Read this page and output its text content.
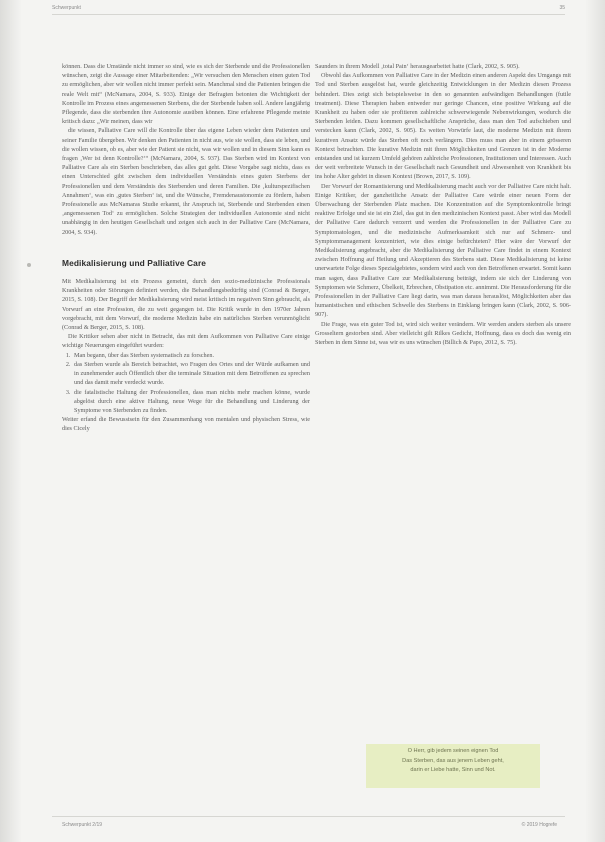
Schwerpunkt	35

können. Dass die Umstände nicht immer so sind, wie es sich der Sterbende und die Professionellen wünschen, zeigt die Aussage einer Mitarbeitenden: „Wir versuchen den Menschen einen guten Tod zu ermöglichen, aber wir wollen nicht immer perfekt sein. Manchmal sind die Patienten bringen die reale Welt mit“ (McNamara, 2004, S. 933). Einige der Befragten betonten die Wichtigkeit der Kontrolle im Prozess eines angemessenen Sterbens, die der Sterbende haben soll. Andere langjährig Pflegende, dass die sterbenden ihre Autonomie ausüben können. Eine erfahrene Pflegende meinte kritisch dazu: „Wir meinen, dass wir

die wissen, Palliative Care will die Kontrolle über das eigene Leben wieder dem Patienten und seiner Familie übergeben. Wir denken den Patienten in nicht aus, wie sie wollen, dass sie leben, und die wollen wissen, ob es, aber wie der Patient sie nicht, was wir wollen und in diesem Sinn kann es fragen ‚Wer ist denn Kontrolle?‘“ (McNamara, 2004, S. 937). Das Sterben wird im Kontext von Palliative Care als ein Sterben beschrieben, das alles gut geht. Diese Vorgabe sagt nichts, dass es einen Unterschied gibt zwischen dem individuellen Verständnis eines guten Sterbens der Professionellen und dem Verständnis des Sterbenden und deren Familien. Die ‚kulturspezifischen Annahmen‘, was ein ‚gutes Sterben‘ ist, und die Wünsche, Fremdenaustonomie zu fördern, haben Professionelle aus McNamaras Studie erkannt, ihr Anspruch ist, Sterbende und Sterbenden einen ‚angemessenen Tod‘ zu ermöglichen. Solche Strategien der individuellen Autonomie sind nicht unabhängig in den heutigen Gesellschaft und zeigen sich auch in der Palliative Care (McNamara, 2004, S. 934).

Medikalisierung und Palliative Care

Mit Medikalisierung ist ein Prozess gemeint, durch den sozio-medizinische Professionals Krankheiten oder Störungen definiert werden, die Behandlungsbedürftig sind (Conrad & Berger, 2015, S. 108). Der Begriff der Medikalisierung wird meist kritisch im negativen Sinn gebraucht, als Vorwurf an eine Profession, die zu weit gegangen ist. Die Kritik wurde in den 1970er Jahren vorgebracht, mit dem Vorwurf, die moderne Medizin habe ein natürliches Sterben verunmöglicht (Conrad & Berger, 2015, S. 108).

Die Kritiker sehen aber nicht in Betracht, das mit dem Aufkommen von Palliative Care einige wichtige Neuerungen eingeführt wurden:

1. Man begann, über das Sterben systematisch zu forschen.
2. das Sterben wurde als Bereich betrachtet, wo Fragen des Ortes und der Würde aufkamen und in zunehmender auch Öffentlich über die terminale Situation mit dem Betroffenen zu sprechen und das damit mehr verdeckt wurde.
3. die fatalistische Haltung der Professionellen, dass man nichts mehr machen könne, wurde abgelöst durch eine aktive Haltung, neue Wege für die Behandlung und Linderung der Symptome von Sterbenden zu finden.

Weiter erfand die Bewusstsein für den Zusammenhang von mentalen und physischen Stress, wie dies Cicely

Saunders in ihrem Modell ‚total Pain‘ herausgearbeitet hatte (Clark, 2002, S. 905).

Obwohl das Aufkommen von Palliative Care in der Medizin einen anderen Aspekt des Umgangs mit Tod und Sterben ausgelöst hat, wurde gleichzeitig Entwicklungen in der Medizin diesen Prozess behindert. Dies zeigt sich beispielsweise in den so genannten aufwändigen Behandlungen (futile treatment). Diese Therapien haben entweder nur geringe Chancen, eine positive Wirkung auf die Krankheit zu haben oder sie profitieren zahlreiche schwerwiegende Nebenwirkungen, wodurch die Sterbenden leiden. Dazu kommen gesellschaftliche Ansprüche, dass man den Tod aufschieben und verstecken kann (Clark, 2002, S. 905). Es weiten Vorwürfe laut, die moderne Medizin mit ihrem kurativen Ansatz würde das Sterben oft noch verlängern. Dies muss man aber in einem grösseren Kontext betrachten. Die kurative Medizin mit ihren Möglichkeiten und Grenzen ist in der Moderne entstanden und ist kurzem Umfeld gehören zahlreiche Professionen, Institutionen und Interessen. Auch der weit verbreitete Wunsch in der Gesellschaft nach Gesundheit und Abwesenheit von Krankheit bis ins hohe Alter gehört in diesen Kontext (Brown, 2017, S. 109).

Der Vorwurf der Romantisierung und Medikalisierung macht auch vor der Palliative Care nicht halt. Einige Kritiker, der ganzheitliche Ansatz der Palliative Care würde einer neuen Form der Überwachung der Sterbenden Platz machen. Die Konzentration auf die Symptomkontrolle bringt reaktive Erfolge und sie ist ein Ziel, das gut in den medizinischen Kontext passt. Aber wird das Modell der Palliative Care dadurch verzerrt und werden die Professionellen in der Palliative Care zu Symptomatologen, und die medizinische Aufmerksamkeit sich nur auf Schmerz- und Symptommanagement konzentriert, wie dies einige befürchteten? Hier wäre der Vorwurf der Medikalisierung angebracht, aber die Medikalisierung der Palliative Care findet in einem Kontext zwischen Hoffnung auf Heilung und Akzeptieren des Sterbens statt. Diese Medikalisierung ist keine unerwartete Folge dieses Spezialgebietes, sondern wird auch von den Betroffenen erwartet. Somit kann man sagen, dass Palliative Care zur Medikalisierung beiträgt, indem sie sich der Linderung von Symptomen wie Schmerz, Übelkeit, Erbrechen, Obstipation etc. annimmt. Die Herausforderung für die Professionellen in der Palliative Care liegt darin, was man daraus herauslöst, Möglichkeiten aber das humanistischen und ethischen Schwelle des Sterbens in Einklang bringen kann (Clark, 2002, S. 906-907).

Die Frage, was ein guter Tod ist, wird sich weiter verändern. Wir werden anders sterben als unsere Grosseltern gestorben sind. Aber vielleicht gilt Rilkes Gedicht, Hoffnung, dass es doch das wenig ein Sterben in dem Sinne ist, was wir es uns wünschen (Billich & Papo, 2012, S. 75).

O Herr, gib jedem seinen eignen Tod
Das Sterben, das aus jenem Leben geht,
darin er Liebe hatte, Sinn und Not.
Schwerpunkt 2/19	© 2019 Hogrefe
